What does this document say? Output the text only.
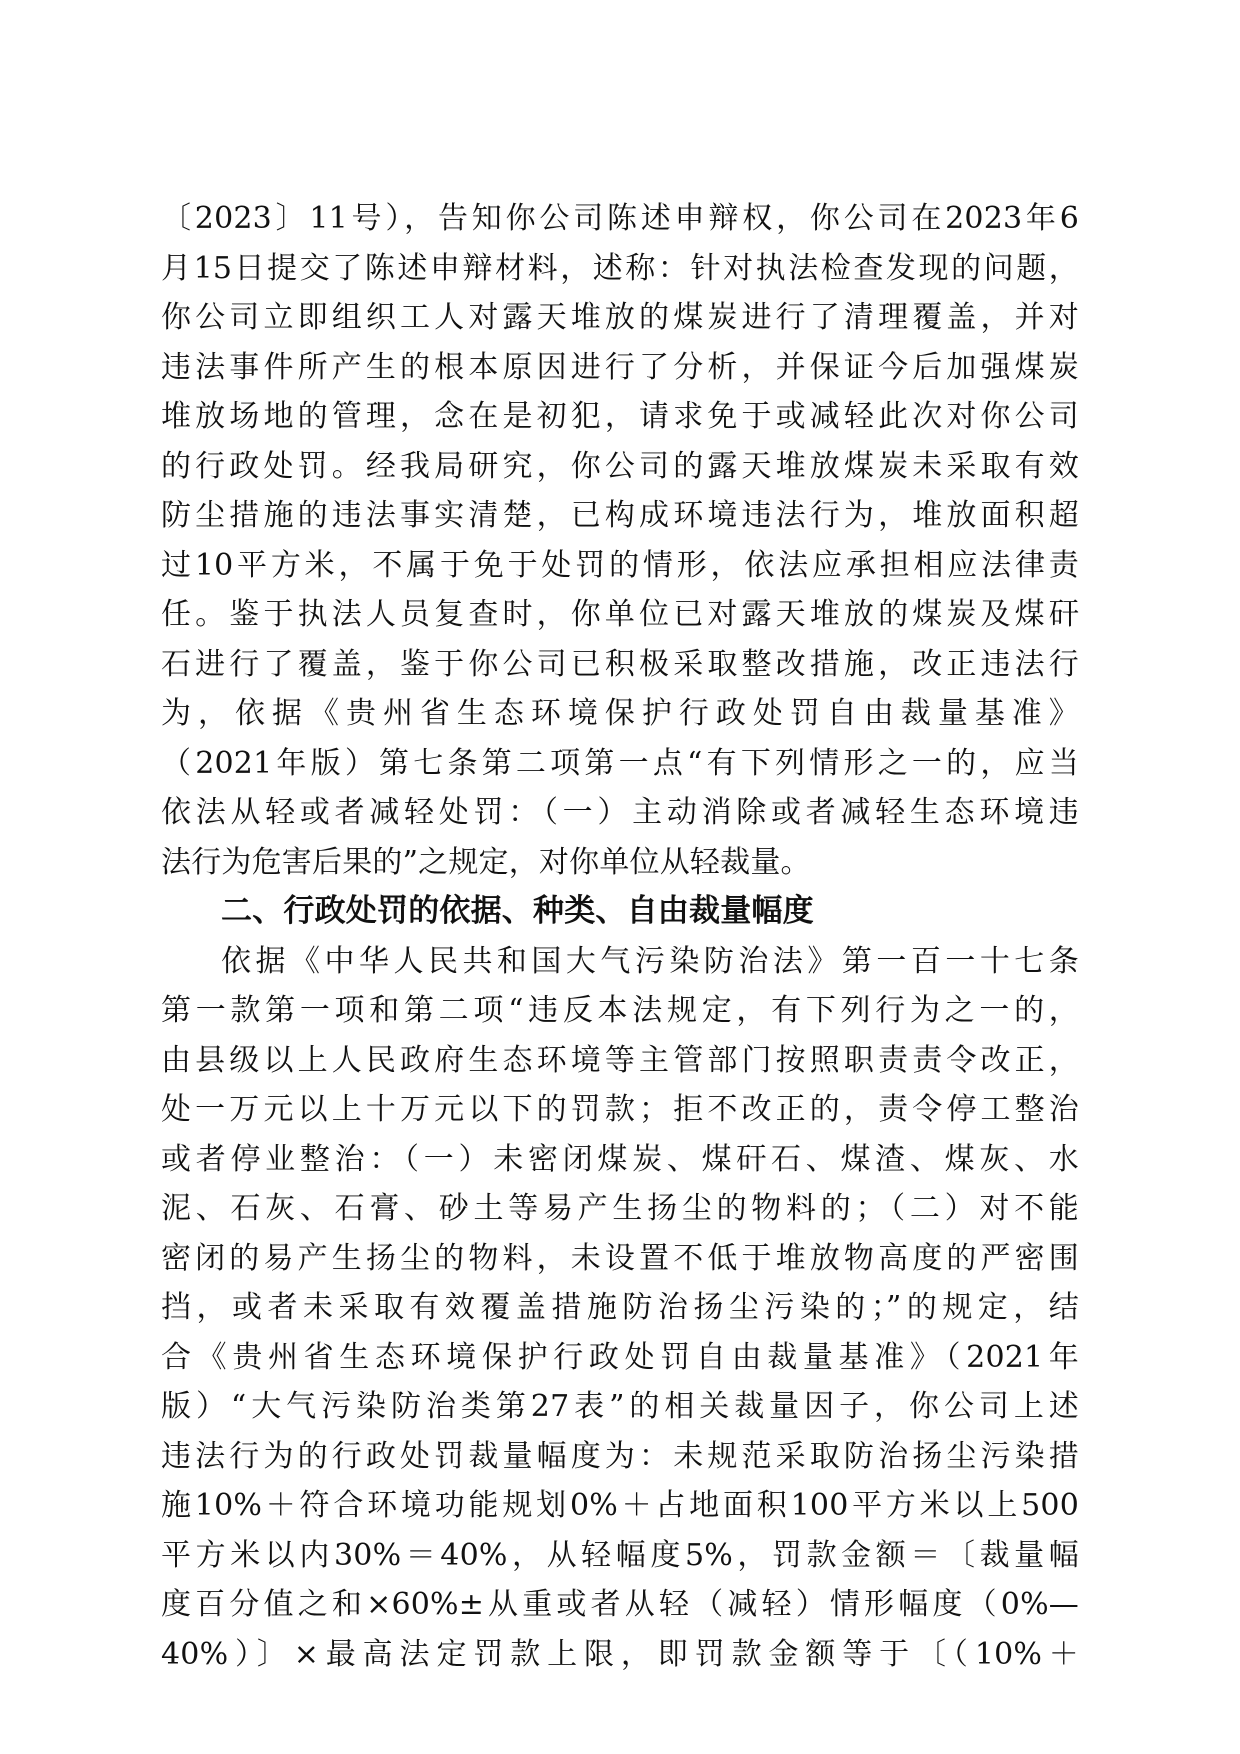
〔2023〕11号），告知你公司陈述申辩权，你公司在2023年6
月15日提交了陈述申辩材料，述称：针对执法检查发现的问题，
你公司立即组织工人对露天堆放的煤炭进行了清理覆盖，并对
违法事件所产生的根本原因进行了分析，并保证今后加强煤炭
堆放场地的管理，念在是初犯，请求免于或减轻此次对你公司
的行政处罚。经我局研究，你公司的露天堆放煤炭未采取有效
防尘措施的违法事实清楚，已构成环境违法行为，堆放面积超
过10平方米，不属于免于处罚的情形，依法应承担相应法律责
任。鉴于执法人员复查时，你单位已对露天堆放的煤炭及煤矸
石进行了覆盖，鉴于你公司已积极采取整改措施，改正违法行
为，依据《贵州省生态环境保护行政处罚自由裁量基准》
（2021年版）第七条第二项第一点“有下列情形之一的，应当
依法从轻或者减轻处罚：（一）主动消除或者减轻生态环境违
法行为危害后果的”之规定，对你单位从轻裁量。
二、行政处罚的依据、种类、自由裁量幅度
依据《中华人民共和国大气污染防治法》第一百一十七条
第一款第一项和第二项“违反本法规定，有下列行为之一的，
由县级以上人民政府生态环境等主管部门按照职责责令改正，
处一万元以上十万元以下的罚款；拒不改正的，责令停工整治
或者停业整治：（一）未密闭煤炭、煤矸石、煤渣、煤灰、水
泥、石灰、石膏、砂土等易产生扬尘的物料的；（二）对不能
密闭的易产生扬尘的物料，未设置不低于堆放物高度的严密围
挡，或者未采取有效覆盖措施防治扬尘污染的；”的规定，结
合《贵州省生态环境保护行政处罚自由裁量基准》（2021年
版）“大气污染防治类第27表”的相关裁量因子，你公司上述
违法行为的行政处罚裁量幅度为：未规范采取防治扬尘污染措
施10%＋符合环境功能规划0%＋占地面积100平方米以上500
平方米以内30%＝40%，从轻幅度5%，罚款金额＝〔裁量幅
度百分值之和×60%±从重或者从轻（减轻）情形幅度（0%—
40%）〕×最高法定罚款上限，即罚款金额等于〔（10%＋
